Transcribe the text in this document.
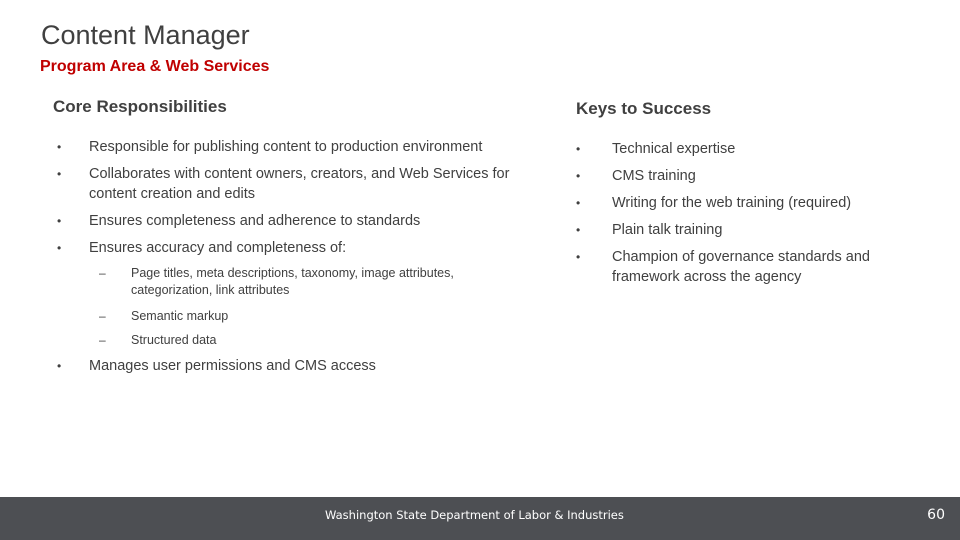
Content Manager
Program Area & Web Services
Core Responsibilities
• Responsible for publishing content to production environment
• Collaborates with content owners, creators, and Web Services for content creation and edits
• Ensures completeness and adherence to standards
• Ensures accuracy and completeness of:
– Page titles, meta descriptions, taxonomy, image attributes, categorization, link attributes
– Semantic markup
– Structured data
• Manages user permissions and CMS access
Keys to Success
• Technical expertise
• CMS training
• Writing for the web training (required)
• Plain talk training
• Champion of governance standards and framework across the agency
Washington State Department of Labor & Industries	60
